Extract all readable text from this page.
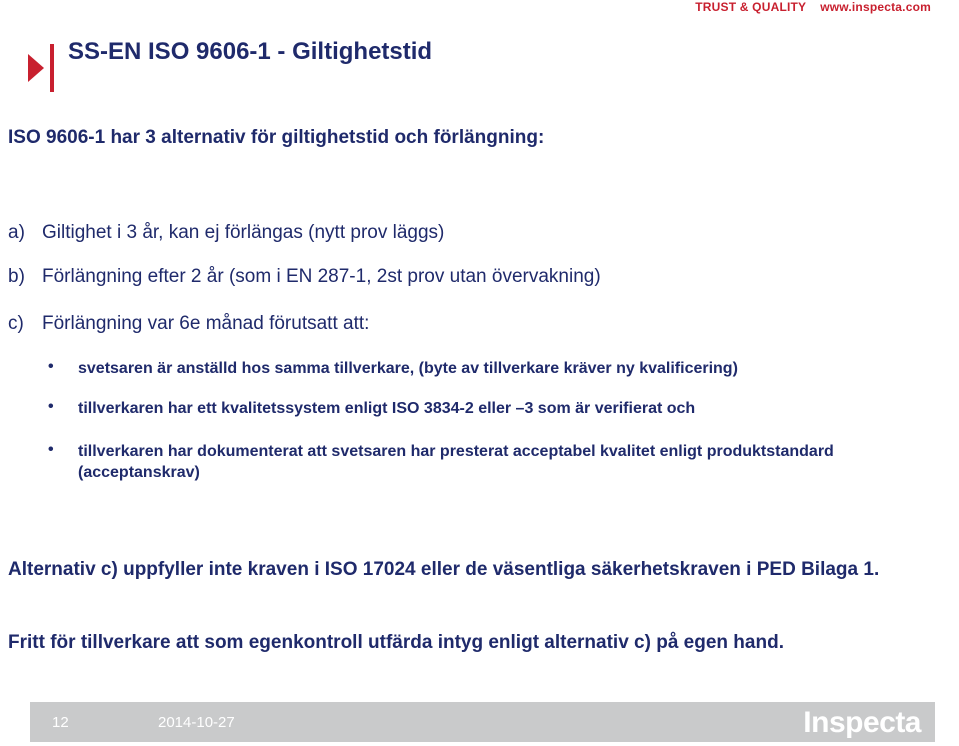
TRUST & QUALITY www.inspecta.com
SS-EN ISO 9606-1 - Giltighetstid
ISO 9606-1 har 3 alternativ för giltighetstid och förlängning:
a) Giltighet i 3 år, kan ej förlängas (nytt prov läggs)
b) Förlängning efter 2 år (som i EN 287-1, 2st prov utan övervakning)
c) Förlängning var 6e månad förutsatt att:
• svetsaren är anställd hos samma tillverkare, (byte av tillverkare kräver ny kvalificering)
• tillverkaren har ett kvalitetssystem enligt ISO 3834-2 eller –3 som är verifierat och
• tillverkaren har dokumenterat att svetsaren har presterat acceptabel kvalitet enligt produktstandard (acceptanskrav)
Alternativ c) uppfyller inte kraven i ISO 17024 eller de väsentliga säkerhetskraven i PED Bilaga 1.
Fritt för tillverkare att som egenkontroll utfärda intyg enligt alternativ c) på egen hand.
12	2014-10-27	Inspecta
